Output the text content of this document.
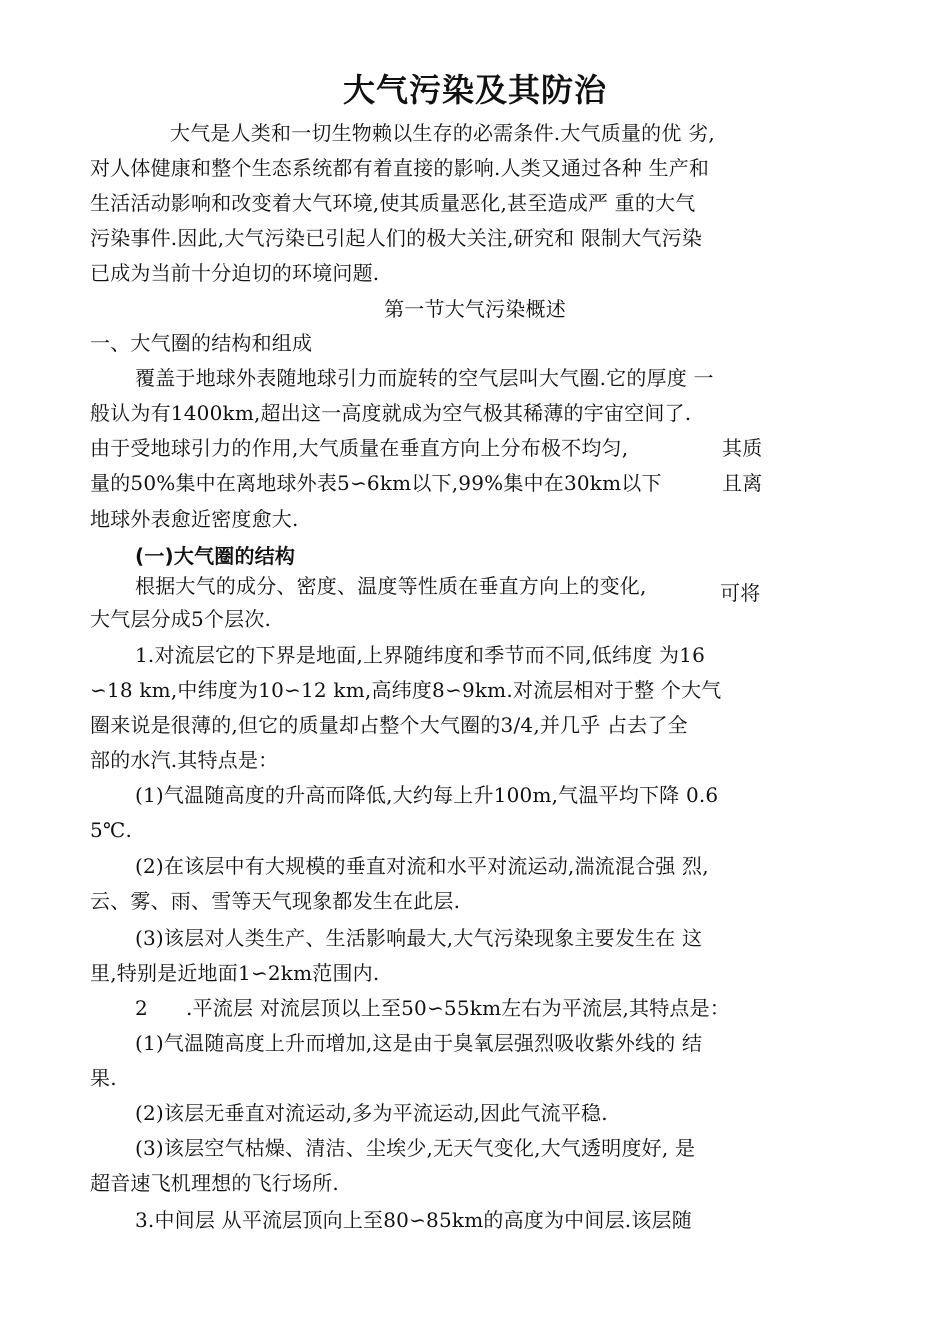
大气污染及其防治
大气是人类和一切生物赖以生存的必需条件.大气质量的优 劣,
对人体健康和整个生态系统都有着直接的影响.人类又通过各种 生产和
生活活动影响和改变着大气环境,使其质量恶化,甚至造成严 重的大气
污染事件.因此,大气污染已引起人们的极大关注,研究和 限制大气污染
已成为当前十分迫切的环境问题.
第一节大气污染概述
一、大气圈的结构和组成
覆盖于地球外表随地球引力而旋转的空气层叫大气圈.它的厚度 一
般认为有1400km,超出这一高度就成为空气极其稀薄的宇宙空间了.
由于受地球引力的作用,大气质量在垂直方向上分布极不均匀,	其质
量的50%集中在离地球外表5∽6km以下,99%集中在30km以下	且离
地球外表愈近密度愈大.
(一)大气圈的结构
根据大气的成分、密度、温度等性质在垂直方向上的变化,	可将
大气层分成5个层次.
1.对流层它的下界是地面,上界随纬度和季节而不同,低纬度 为16
∽18 km,中纬度为10∽12 km,高纬度8∽9km.对流层相对于整 个大气
圈来说是很薄的,但它的质量却占整个大气圈的3/4,并几乎 占去了全
部的水汽.其特点是：
(1)气温随高度的升高而降低,大约每上升100m,气温平均下降 0.6
5℃.
(2)在该层中有大规模的垂直对流和水平对流运动,湍流混合强 烈,
云、雾、雨、雪等天气现象都发生在此层.
(3)该层对人类生产、生活影响最大,大气污染现象主要发生在 这
里,特别是近地面1∽2km范围内.
2 .平流层 对流层顶以上至50∽55km左右为平流层,其特点是：
(1)气温随高度上升而增加,这是由于臭氧层强烈吸收紫外线的 结
果.
(2)该层无垂直对流运动,多为平流运动,因此气流平稳.
(3)该层空气枯燥、清洁、尘埃少,无天气变化,大气透明度好, 是
超音速飞机理想的飞行场所.
3.中间层 从平流层顶向上至80∽85km的高度为中间层.该层随
